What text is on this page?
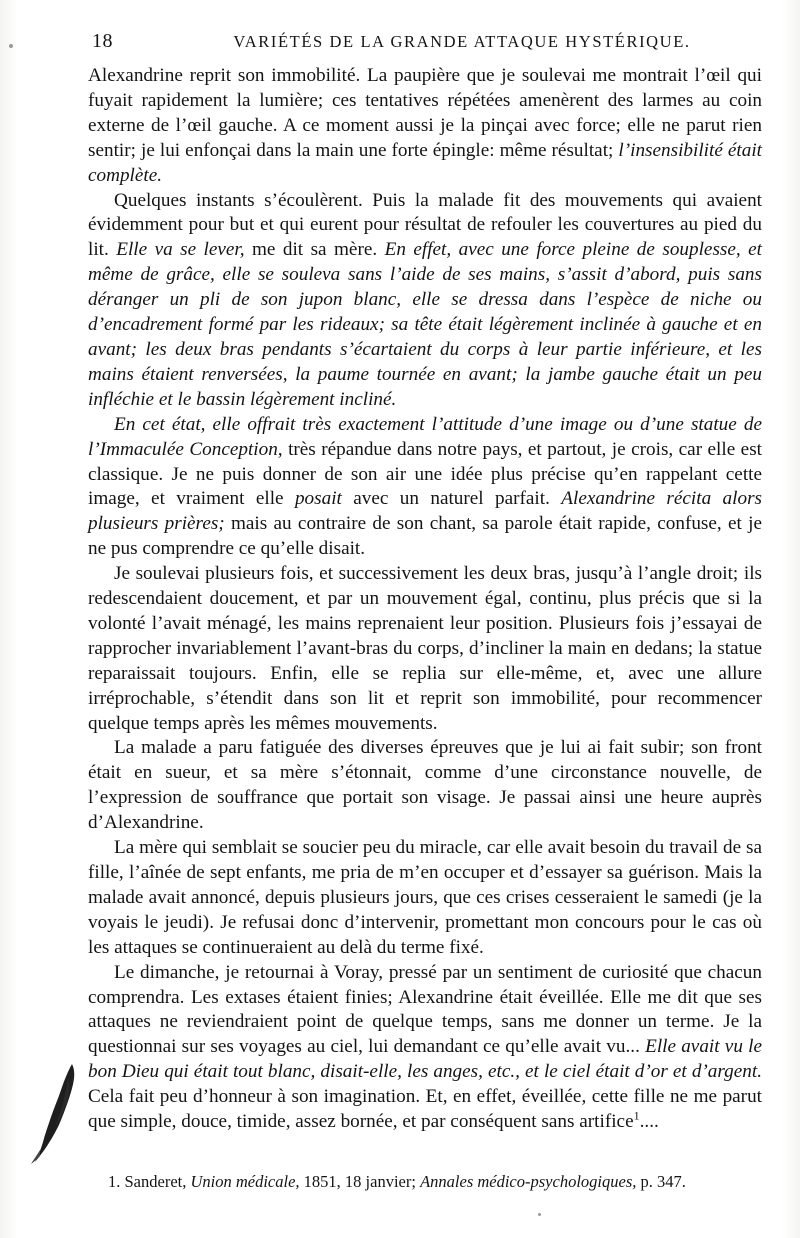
18	VARIÉTÉS DE LA GRANDE ATTAQUE HYSTÉRIQUE.

Alexandrine reprit son immobilité. La paupière que je soulevai me montrait l’œil qui fuyait rapidement la lumière; ces tentatives répétées amenèrent des larmes au coin externe de l’œil gauche. A ce moment aussi je la pinçai avec force; elle ne parut rien sentir; je lui enfonçai dans la main une forte épingle: même résultat; l’insensibilité était complète.

Quelques instants s’écoulèrent. Puis la malade fit des mouvements qui avaient évidemment pour but et qui eurent pour résultat de refouler les couvertures au pied du lit. Elle va se lever, me dit sa mère. En effet, avec une force pleine de souplesse, et même de grâce, elle se souleva sans l’aide de ses mains, s’assit d’abord, puis sans déranger un pli de son jupon blanc, elle se dressa dans l’espèce de niche ou d’encadrement formé par les rideaux; sa tête était légèrement inclinée à gauche et en avant; les deux bras pendants s’écartaient du corps à leur partie inférieure, et les mains étaient renversées, la paume tournée en avant; la jambe gauche était un peu infléchie et le bassin légèrement incliné.

En cet état, elle offrait très exactement l’attitude d’une image ou d’une statue de l’Immaculée Conception, très répandue dans notre pays, et partout, je crois, car elle est classique. Je ne puis donner de son air une idée plus précise qu’en rappelant cette image, et vraiment elle posait avec un naturel parfait. Alexandrine récita alors plusieurs prières; mais au contraire de son chant, sa parole était rapide, confuse, et je ne pus comprendre ce qu’elle disait.

Je soulevai plusieurs fois, et successivement les deux bras, jusqu’à l’angle droit; ils redescendaient doucement, et par un mouvement égal, continu, plus précis que si la volonté l’avait ménagé, les mains reprenaient leur position. Plusieurs fois j’essayai de rapprocher invariablement l’avant-bras du corps, d’incliner la main en dedans; la statue reparaissait toujours. Enfin, elle se replia sur elle-même, et, avec une allure irréprochable, s’étendit dans son lit et reprit son immobilité, pour recommencer quelque temps après les mêmes mouvements.

La malade a paru fatiguée des diverses épreuves que je lui ai fait subir; son front était en sueur, et sa mère s’étonnait, comme d’une circonstance nouvelle, de l’expression de souffrance que portait son visage. Je passai ainsi une heure auprès d’Alexandrine.

La mère qui semblait se soucier peu du miracle, car elle avait besoin du travail de sa fille, l’aînée de sept enfants, me pria de m’en occuper et d’essayer sa guérison. Mais la malade avait annoncé, depuis plusieurs jours, que ces crises cesseraient le samedi (je la voyais le jeudi). Je refusai donc d’intervenir, promettant mon concours pour le cas où les attaques se continueraient au delà du terme fixé.

Le dimanche, je retournai à Voray, pressé par un sentiment de curiosité que chacun comprendra. Les extases étaient finies; Alexandrine était éveillée. Elle me dit que ses attaques ne reviendraient point de quelque temps, sans me donner un terme. Je la questionnai sur ses voyages au ciel, lui demandant ce qu’elle avait vu... Elle avait vu le bon Dieu qui était tout blanc, disait-elle, les anges, etc., et le ciel était d’or et d’argent. Cela fait peu d’honneur à son imagination. Et, en effet, éveillée, cette fille ne me parut que simple, douce, timide, assez bornée, et par conséquent sans artifice$^1$....

1. Sanderet, Union médicale, 1851, 18 janvier; Annales médico-psychologiques, p. 347.
